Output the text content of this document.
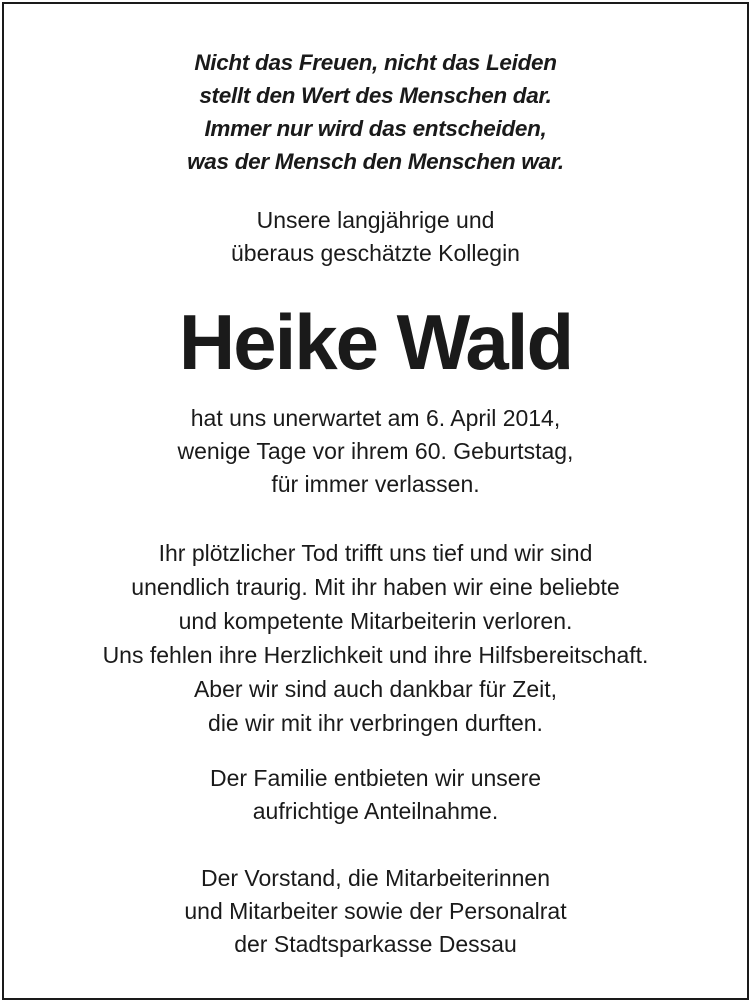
Nicht das Freuen, nicht das Leiden
stellt den Wert des Menschen dar.
Immer nur wird das entscheiden,
was der Mensch den Menschen war.
Unsere langjährige und
überaus geschätzte Kollegin
Heike Wald
hat uns unerwartet am 6. April 2014,
wenige Tage vor ihrem 60. Geburtstag,
für immer verlassen.
Ihr plötzlicher Tod trifft uns tief und wir sind
unendlich traurig. Mit ihr haben wir eine beliebte
und kompetente Mitarbeiterin verloren.
Uns fehlen ihre Herzlichkeit und ihre Hilfsbereitschaft.
Aber wir sind auch dankbar für Zeit,
die wir mit ihr verbringen durften.
Der Familie entbieten wir unsere
aufrichtige Anteilnahme.
Der Vorstand, die Mitarbeiterinnen
und Mitarbeiter sowie der Personalrat
der Stadtsparkasse Dessau
